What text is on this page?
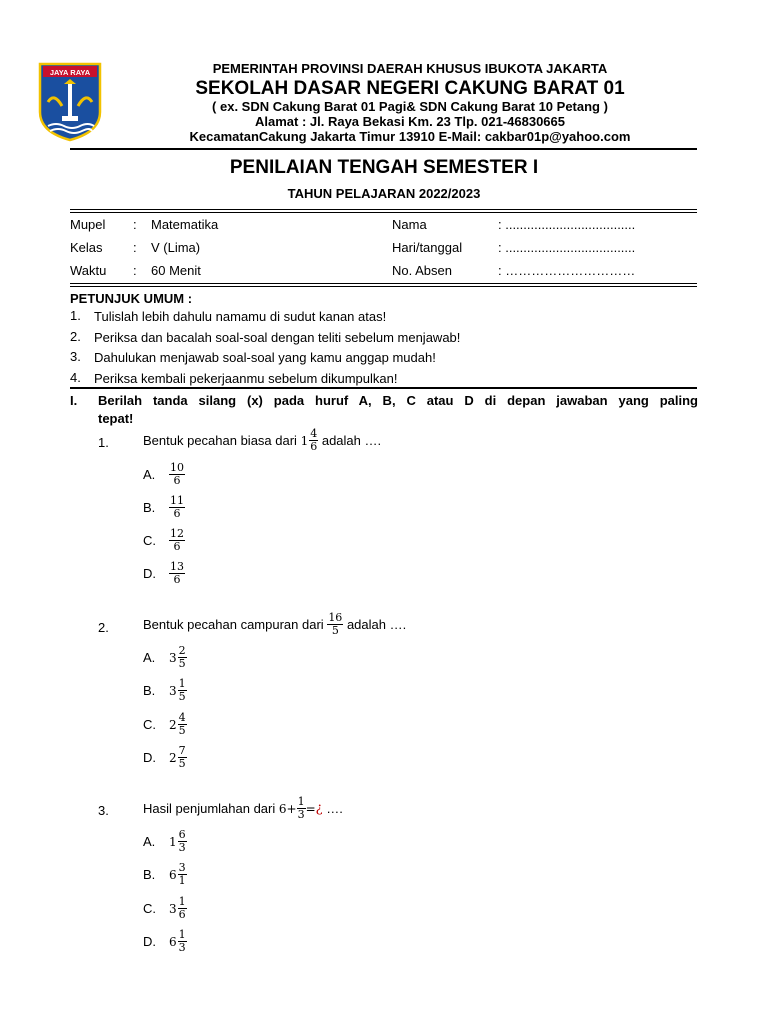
JAYA RAYA	PEMERINTAH PROVINSI DAERAH KHUSUS IBUKOTA JAKARTA
SEKOLAH DASAR NEGERI CAKUNG BARAT 01
( ex. SDN Cakung Barat 01 Pagi& SDN Cakung Barat 10 Petang )
Alamat : Jl. Raya Bekasi Km. 23 Tlp. 021-46830665
KecamatanCakung Jakarta Timur 13910 E-Mail: cakbar01p@yahoo.com
PENILAIAN TENGAH SEMESTER I
TAHUN PELAJARAN 2022/2023
Mupel : Matematika	Nama	: ....................................
Kelas : V (Lima)	Hari/tanggal	: ....................................
Waktu : 60 Menit	No. Absen	: …………………………
PETUNJUK UMUM :
1. Tulislah lebih dahulu namamu di sudut kanan atas!
2. Periksa dan bacalah soal-soal dengan teliti sebelum menjawab!
3. Dahulukan menjawab soal-soal yang kamu anggap mudah!
4. Periksa kembali pekerjaanmu sebelum dikumpulkan!
I. Berilah tanda silang (x) pada huruf A, B, C atau D di depan jawaban yang paling
tepat!
1.	Bentuk pecahan biasa dari
$1 \frac{4}{6}$
adalah ….
A.	$\frac{10}{6}$
B.	$\frac{11}{6}$
C.	$\frac{12}{6}$
D.	$\frac{13}{6}$
2.	Bentuk pecahan campuran dari
$\frac{16}{5}$
adalah ….
A.	$3 \frac{2}{5}$
B.	$3 \frac{1}{5}$
C.	$2 \frac{4}{5}$
D.	$2 \frac{7}{5}$
3.	Hasil penjumlahan dari
$6+ \frac{1}{3}$ = ¿
….
A.	$1 \frac{6}{3}$
B.	$6 \frac{3}{1}$
C.	$3 \frac{1}{6}$
D.	$6 \frac{1}{3}$
